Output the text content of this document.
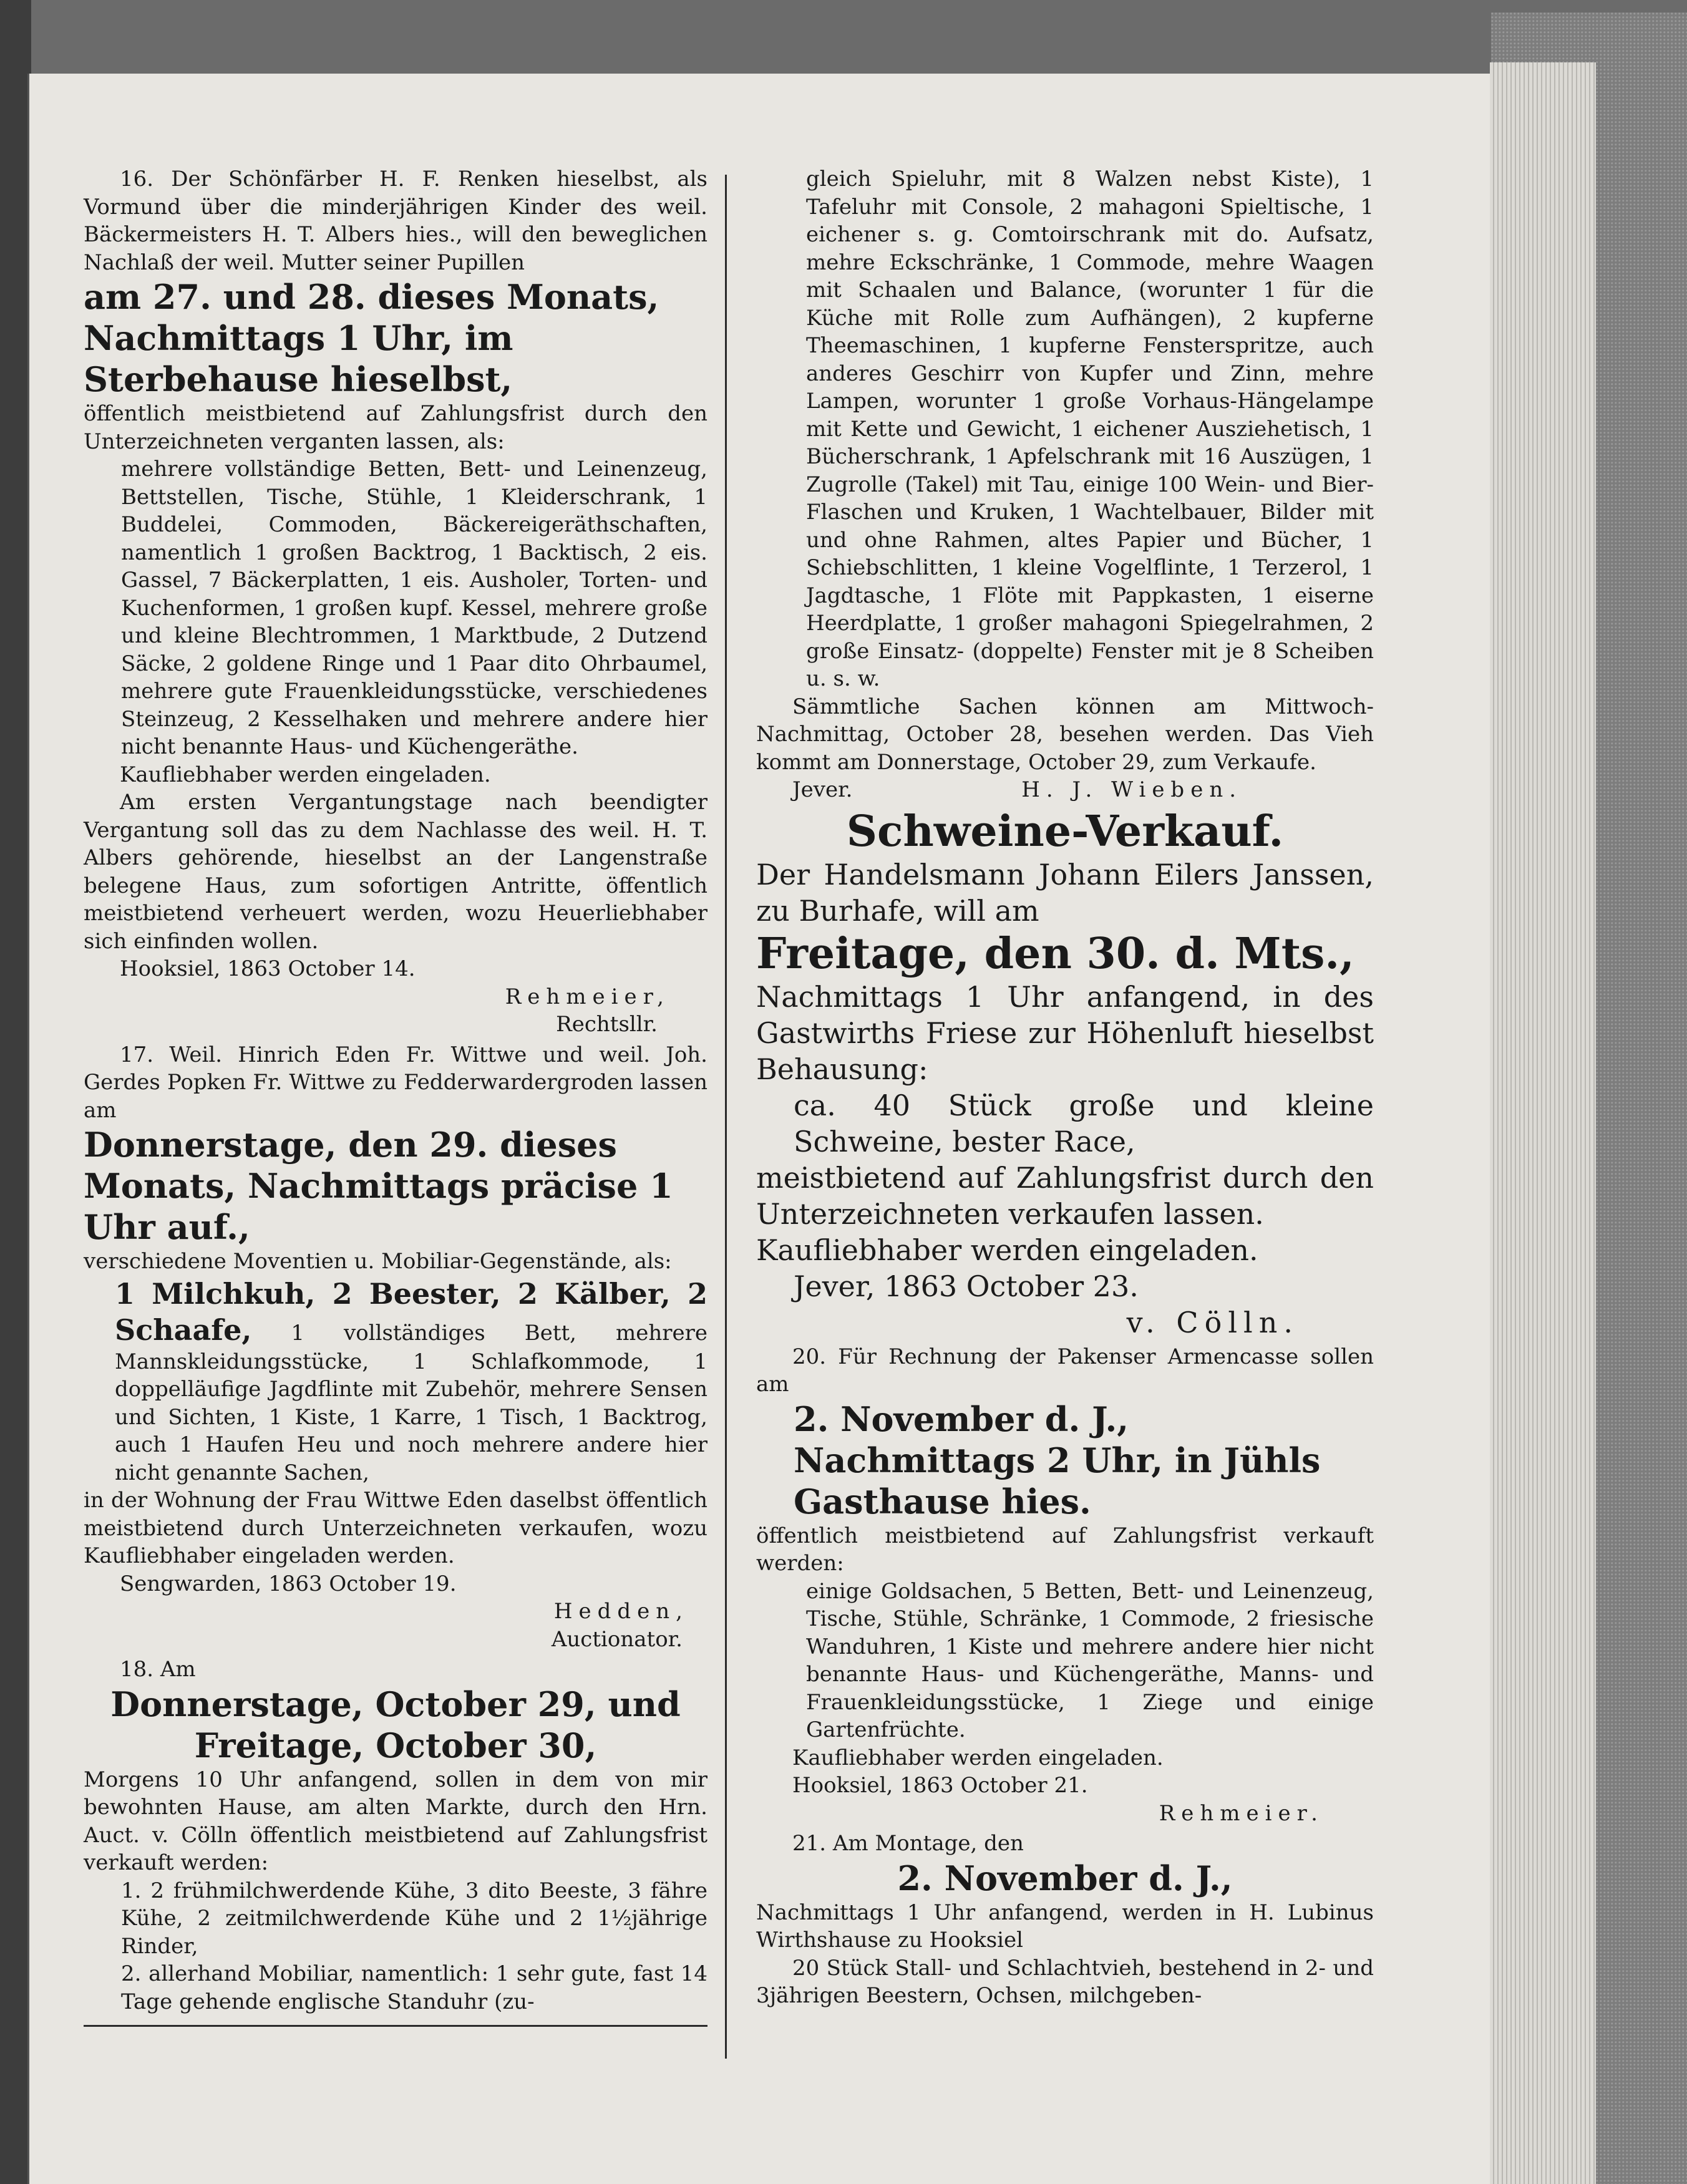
16. Der Schönfärber H. F. Renken hieselbst, als Vormund über die minderjährigen Kinder des weil. Bäckermeisters H. T. Albers hies., will den beweglichen Nachlaß der weil. Mutter seiner Pupillen

am 27. und 28. dieses Monats, Nachmittags 1 Uhr, im Sterbehause hieselbst,

öffentlich meistbietend auf Zahlungsfrist durch den Unterzeichneten verganten lassen, als:

mehrere vollständige Betten, Bett- und Leinenzeug, Bettstellen, Tische, Stühle, 1 Kleiderschrank, 1 Buddelei, Commoden, Bäckereigeräthschaften, namentlich 1 großen Backtrog, 1 Backtisch, 2 eis. Gassel, 7 Bäckerplatten, 1 eis. Ausholer, Torten- und Kuchenformen, 1 großen kupf. Kessel, mehrere große und kleine Blechtrommen, 1 Marktbude, 2 Dutzend Säcke, 2 goldene Ringe und 1 Paar dito Ohrbaumel, mehrere gute Frauenkleidungsstücke, verschiedenes Steinzeug, 2 Kesselhaken und mehrere andere hier nicht benannte Haus- und Küchengeräthe.

Kaufliebhaber werden eingeladen.

Am ersten Vergantungstage nach beendigter Vergantung soll das zu dem Nachlasse des weil. H. T. Albers gehörende, hieselbst an der Langenstraße belegene Haus, zum sofortigen Antritte, öffentlich meistbietend verheuert werden, wozu Heuerliebhaber sich einfinden wollen.

Hooksiel, 1863 October 14.

Rehmeier,

Rechtsllr.

17. Weil. Hinrich Eden Fr. Wittwe und weil. Joh. Gerdes Popken Fr. Wittwe zu Fedderwardergroden lassen am

Donnerstage, den 29. dieses Monats, Nachmittags präcise 1 Uhr auf.,

verschiedene Moventien u. Mobiliar-Gegenstände, als:

1 Milchkuh, 2 Beester, 2 Kälber, 2 Schaafe, 1 vollständiges Bett, mehrere Mannskleidungsstücke, 1 Schlafkommode, 1 doppelläufige Jagdflinte mit Zubehör, mehrere Sensen und Sichten, 1 Kiste, 1 Karre, 1 Tisch, 1 Backtrog, auch 1 Haufen Heu und noch mehrere andere hier nicht genannte Sachen,

in der Wohnung der Frau Wittwe Eden daselbst öffentlich meistbietend durch Unterzeichneten verkaufen, wozu Kaufliebhaber eingeladen werden.

Sengwarden, 1863 October 19.

Hedden,

Auctionator.

18. Am

Donnerstage, October 29, und Freitage, October 30,

Morgens 10 Uhr anfangend, sollen in dem von mir bewohnten Hause, am alten Markte, durch den Hrn. Auct. v. Cölln öffentlich meistbietend auf Zahlungsfrist verkauft werden:

1. 2 frühmilchwerdende Kühe, 3 dito Beeste, 3 fähre Kühe, 2 zeitmilchwerdende Kühe und 2 1½jährige Rinder,

2. allerhand Mobiliar, namentlich: 1 sehr gute, fast 14 Tage gehende englische Standuhr (zu-

gleich Spieluhr, mit 8 Walzen nebst Kiste), 1 Tafeluhr mit Console, 2 mahagoni Spieltische, 1 eichener s. g. Comtoirschrank mit do. Aufsatz, mehre Eckschränke, 1 Commode, mehre Waagen mit Schaalen und Balance, (worunter 1 für die Küche mit Rolle zum Aufhängen), 2 kupferne Theemaschinen, 1 kupferne Fensterspritze, auch anderes Geschirr von Kupfer und Zinn, mehre Lampen, worunter 1 große Vorhaus-Hängelampe mit Kette und Gewicht, 1 eichener Ausziehetisch, 1 Bücherschrank, 1 Apfelschrank mit 16 Auszügen, 1 Zugrolle (Takel) mit Tau, einige 100 Wein- und Bier-Flaschen und Kruken, 1 Wachtelbauer, Bilder mit und ohne Rahmen, altes Papier und Bücher, 1 Schiebschlitten, 1 kleine Vogelflinte, 1 Terzerol, 1 Jagdtasche, 1 Flöte mit Pappkasten, 1 eiserne Heerdplatte, 1 großer mahagoni Spiegelrahmen, 2 große Einsatz- (doppelte) Fenster mit je 8 Scheiben u. s. w.

Sämmtliche Sachen können am Mittwoch-Nachmittag, October 28, besehen werden. Das Vieh kommt am Donnerstage, October 29, zum Verkaufe.

Jever.	H. J. Wieben.

Schweine-Verkauf.

Der Handelsmann Johann Eilers Janssen, zu Burhafe, will am

Freitage, den 30. d. Mts.,

Nachmittags 1 Uhr anfangend, in des Gastwirths Friese zur Höhenluft hieselbst Behausung:

ca. 40 Stück große und kleine Schweine, bester Race,

meistbietend auf Zahlungsfrist durch den Unterzeichneten verkaufen lassen.

Kaufliebhaber werden eingeladen.

Jever, 1863 October 23.

v. Cölln.

20. Für Rechnung der Pakenser Armencasse sollen am

2. November d. J., Nachmittags 2 Uhr, in Jühls Gasthause hies.

öffentlich meistbietend auf Zahlungsfrist verkauft werden:

einige Goldsachen, 5 Betten, Bett- und Leinenzeug, Tische, Stühle, Schränke, 1 Commode, 2 friesische Wanduhren, 1 Kiste und mehrere andere hier nicht benannte Haus- und Küchengeräthe, Manns- und Frauenkleidungsstücke, 1 Ziege und einige Gartenfrüchte.

Kaufliebhaber werden eingeladen.

Hooksiel, 1863 October 21.

Rehmeier.

21. Am Montage, den

2. November d. J.,

Nachmittags 1 Uhr anfangend, werden in H. Lubinus Wirthshause zu Hooksiel

20 Stück Stall- und Schlachtvieh, bestehend in 2- und 3jährigen Beestern, Ochsen, milchgeben-
